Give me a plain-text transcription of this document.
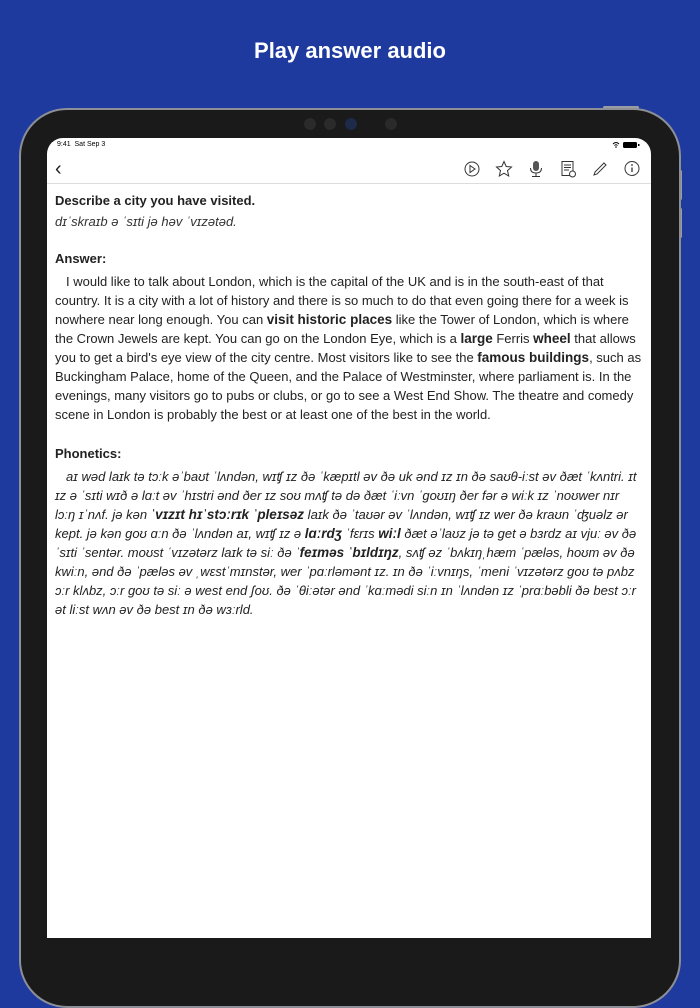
Play answer audio
9:41 Sat Sep 3
‹
Describe a city you have visited.
dɪˈskraɪb ə ˈsɪti jə həv ˈvɪzətəd.
Answer:
I would like to talk about London, which is the capital of the UK and is in the south-east of that country. It is a city with a lot of history and there is so much to do that even going there for a week is nowhere near long enough. You can visit historic places like the Tower of London, which is where the Crown Jewels are kept. You can go on the London Eye, which is a large Ferris wheel that allows you to get a bird's eye view of the city centre. Most visitors like to see the famous buildings, such as Buckingham Palace, home of the Queen, and the Palace of Westminster, where parliament is. In the evenings, many visitors go to pubs or clubs, or go to see a West End Show. The theatre and comedy scene in London is probably the best or at least one of the best in the world.
Phonetics:
aɪ wəd laɪk tə tɔːk əˈbaʊt ˈlʌndən, wɪʧ ɪz ðə ˈkæpɪtl əv ðə uk ənd ɪz ɪn ðə saʊθ-iːst əv ðæt ˈkʌntri. ɪt ɪz ə ˈsɪti wɪð ə lɑːt əv ˈhɪstri ənd ðer ɪz soʊ mʌʧ tə də ðæt ˈiːvn ˈgoʊɪŋ ðer fər ə wiːk ɪz ˈnoʊwer nɪr lɔːŋ ɪˈnʌf. jə kən ˈvɪzɪt hɪˈstɔːrɪk ˈpleɪsəz laɪk ðə ˈtaʊər əv ˈlʌndən, wɪʧ ɪz wer ðə kraʊn ˈʤuəlz ər kept. jə kən goʊ ɑːn ðə ˈlʌndən aɪ, wɪʧ ɪz ə lɑːrdʒ ˈfɛrɪs wiːl ðæt əˈlaʊz jə tə get ə bɜrdz aɪ vjuː əv ðə ˈsɪti ˈsentər. moʊst ˈvɪzətərz laɪk tə siː ðə ˈfeɪməs ˈbɪldɪŋz, sʌʧ əz ˈbʌkɪŋˌhæm ˈpæləs, hoʊm əv ðə kwiːn, ənd ðə ˈpæləs əv ˌwɛstˈmɪnstər, wer ˈpɑːrləmənt ɪz. ɪn ðə ˈiːvnɪŋs, ˈmeni ˈvɪzətərz goʊ tə pʌbz ɔːr klʌbz, ɔːr goʊ tə siː ə west end ʃoʊ. ðə ˈθiːətər ənd ˈkɑːmədi siːn ɪn ˈlʌndən ɪz ˈprɑːbəbli ðə best ɔːr ət liːst wʌn əv ðə best ɪn ðə wɜːrld.
